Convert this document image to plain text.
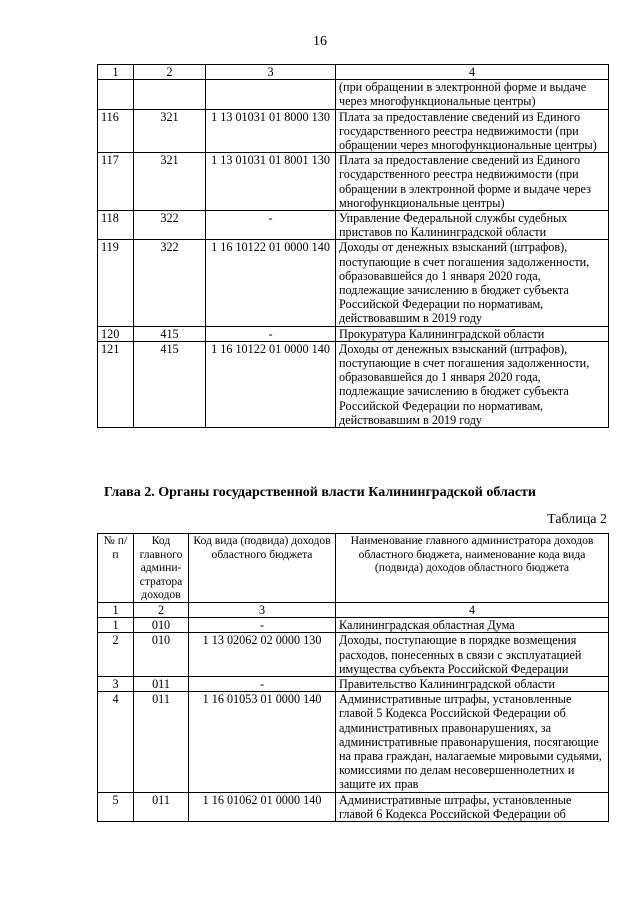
16
1	2	3	4
			(при обращении в электронной форме и выдаче через многофункциональные центры)
116	321	1 13 01031 01 8000 130	Плата за предоставление сведений из Единого государственного реестра недвижимости (при обращении через многофункциональные центры)
117	321	1 13 01031 01 8001 130	Плата за предоставление сведений из Единого государственного реестра недвижимости (при обращении в электронной форме и выдаче через многофункциональные центры)
118	322	-	Управление Федеральной службы судебных приставов по Калининградской области
119	322	1 16 10122 01 0000 140	Доходы от денежных взысканий (штрафов), поступающие в счет погашения задолженности, образовавшейся до 1 января 2020 года, подлежащие зачислению в бюджет субъекта Российской Федерации по нормативам, действовавшим в 2019 году
120	415	-	Прокуратура Калининградской области
121	415	1 16 10122 01 0000 140	Доходы от денежных взысканий (штрафов), поступающие в счет погашения задолженности, образовавшейся до 1 января 2020 года, подлежащие зачислению в бюджет субъекта Российской Федерации по нормативам, действовавшим в 2019 году
Глава 2. Органы государственной власти Калининградской области
Таблица 2
№ п/п	Код главного админи-стратора доходов	Код вида (подвида) доходов областного бюджета	Наименование главного администратора доходов областного бюджета, наименование кода вида (подвида) доходов областного бюджета
1	2	3	4
1	010	-	Калининградская областная Дума
2	010	1 13 02062 02 0000 130	Доходы, поступающие в порядке возмещения расходов, понесенных в связи с эксплуатацией имущества субъекта Российской Федерации
3	011	-	Правительство Калининградской области
4	011	1 16 01053 01 0000 140	Административные штрафы, установленные главой 5 Кодекса Российской Федерации об административных правонарушениях, за административные правонарушения, посягающие на права граждан, налагаемые мировыми судьями, комиссиями по делам несовершеннолетних и защите их прав
5	011	1 16 01062 01 0000 140	Административные штрафы, установленные главой 6 Кодекса Российской Федерации об
